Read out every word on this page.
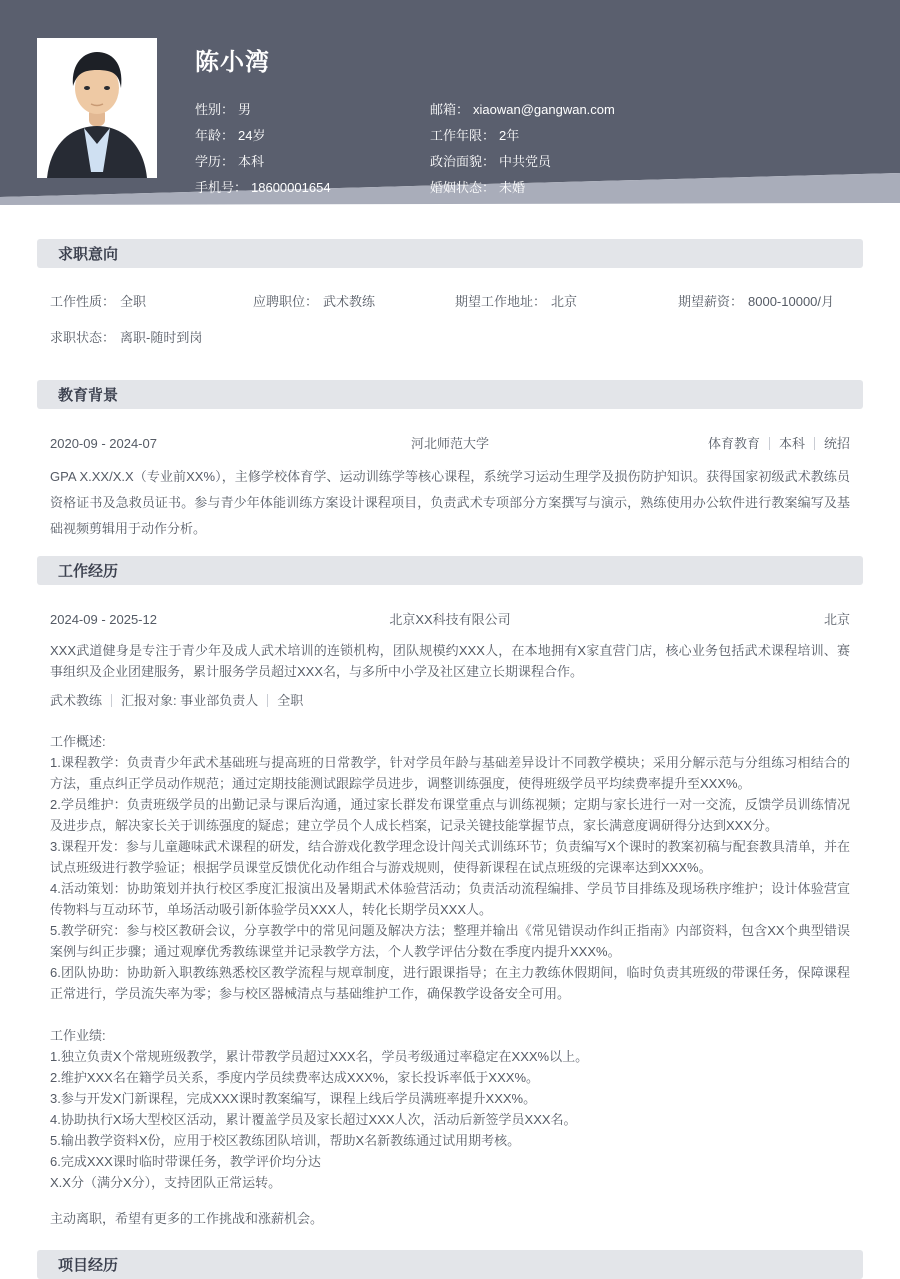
陈小湾
性别： 男
年龄： 24岁
学历： 本科
手机号： 18600001654
邮箱： xiaowan@gangwan.com
工作年限： 2年
政治面貌： 中共党员
婚姻状态： 未婚
求职意向
工作性质： 全职	应聘职位： 武术教练	期望工作地址： 北京	期望薪资： 8000-10000/月
求职状态： 离职-随时到岗
教育背景
2020-09 - 2024-07	河北师范大学	体育教育 本科 统招

GPA X.XX/X.X（专业前XX%），主修学校体育学、运动训练学等核心课程，系统学习运动生理学及损伤防护知识。获得国家初级武术教练员资格证书及急救员证书。参与青少年体能训练方案设计课程项目，负责武术专项部分方案撰写与演示，熟练使用办公软件进行教案编写及基础视频剪辑用于动作分析。

工作经历
2024-09 - 2025-12	北京XX科技有限公司	北京

XXX武道健身是专注于青少年及成人武术培训的连锁机构，团队规模约XXX人，在本地拥有X家直营门店，核心业务包括武术课程培训、赛事组织及企业团建服务，累计服务学员超过XXX名，与多所中小学及社区建立长期课程合作。

武术教练 汇报对象: 事业部负责人 全职

工作概述:

1.课程教学：负责青少年武术基础班与提高班的日常教学，针对学员年龄与基础差异设计不同教学模块；采用分解示范与分组练习相结合的方法，重点纠正学员动作规范；通过定期技能测试跟踪学员进步，调整训练强度，使得班级学员平均续费率提升至XXX%。

2.学员维护：负责班级学员的出勤记录与课后沟通，通过家长群发布课堂重点与训练视频；定期与家长进行一对一交流，反馈学员训练情况及进步点，解决家长关于训练强度的疑虑；建立学员个人成长档案，记录关键技能掌握节点，家长满意度调研得分达到XXX分。

3.课程开发：参与儿童趣味武术课程的研发，结合游戏化教学理念设计闯关式训练环节；负责编写X个课时的教案初稿与配套教具清单，并在试点班级进行教学验证；根据学员课堂反馈优化动作组合与游戏规则，使得新课程在试点班级的完课率达到XXX%。

4.活动策划：协助策划并执行校区季度汇报演出及暑期武术体验营活动；负责活动流程编排、学员节目排练及现场秩序维护；设计体验营宣传物料与互动环节，单场活动吸引新体验学员XXX人，转化长期学员XXX人。

5.教学研究：参与校区教研会议，分享教学中的常见问题及解决方法；整理并输出《常见错误动作纠正指南》内部资料，包含XX个典型错误案例与纠正步骤；通过观摩优秀教练课堂并记录教学方法，个人教学评估分数在季度内提升XXX%。

6.团队协助：协助新入职教练熟悉校区教学流程与规章制度，进行跟课指导；在主力教练休假期间，临时负责其班级的带课任务，保障课程正常进行，学员流失率为零；参与校区器械清点与基础维护工作，确保教学设备安全可用。

工作业绩:

1.独立负责X个常规班级教学，累计带教学员超过XXX名，学员考级通过率稳定在XXX%以上。

2.维护XXX名在籍学员关系，季度内学员续费率达成XXX%，家长投诉率低于XXX%。

3.参与开发X门新课程，完成XXX课时教案编写，课程上线后学员满班率提升XXX%。

4.协助执行X场大型校区活动，累计覆盖学员及家长超过XXX人次，活动后新签学员XXX名。

5.输出教学资料X份，应用于校区教练团队培训，帮助X名新教练通过试用期考核。

6.完成XXX课时临时带课任务，教学评价均分达

X.X分（满分X分），支持团队正常运转。

主动离职，希望有更多的工作挑战和涨薪机会。

项目经历
